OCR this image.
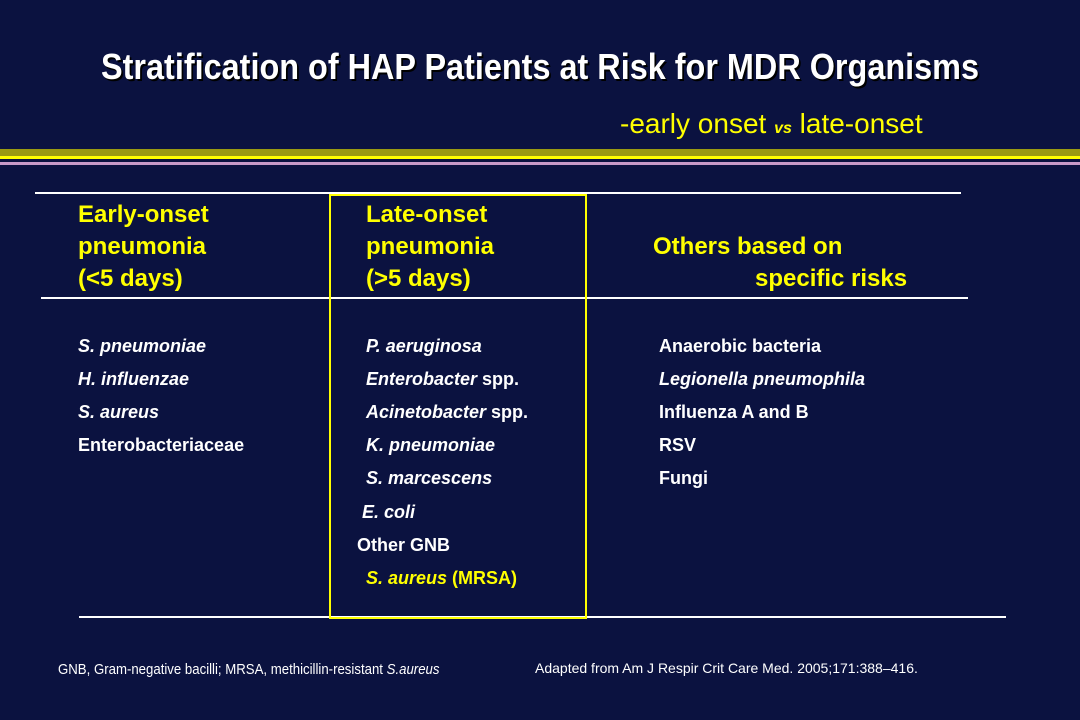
Stratification of HAP Patients at Risk for MDR Organisms
-early onset vs late-onset
Early-onset
pneumonia
(<5 days)
S. pneumoniae
H. influenzae
S. aureus
Enterobacteriaceae
Late-onset
pneumonia
(>5 days)
P. aeruginosa
Enterobacter spp.
Acinetobacter spp.
K. pneumoniae
S. marcescens
E. coli
Other GNB
S. aureus (MRSA)
Others based on
specific risks
Anaerobic bacteria
Legionella pneumophila
Influenza A and B
RSV
Fungi
GNB, Gram-negative bacilli; MRSA, methicillin-resistant S.aureus	Adapted from Am J Respir Crit Care Med. 2005;171:388–416.
